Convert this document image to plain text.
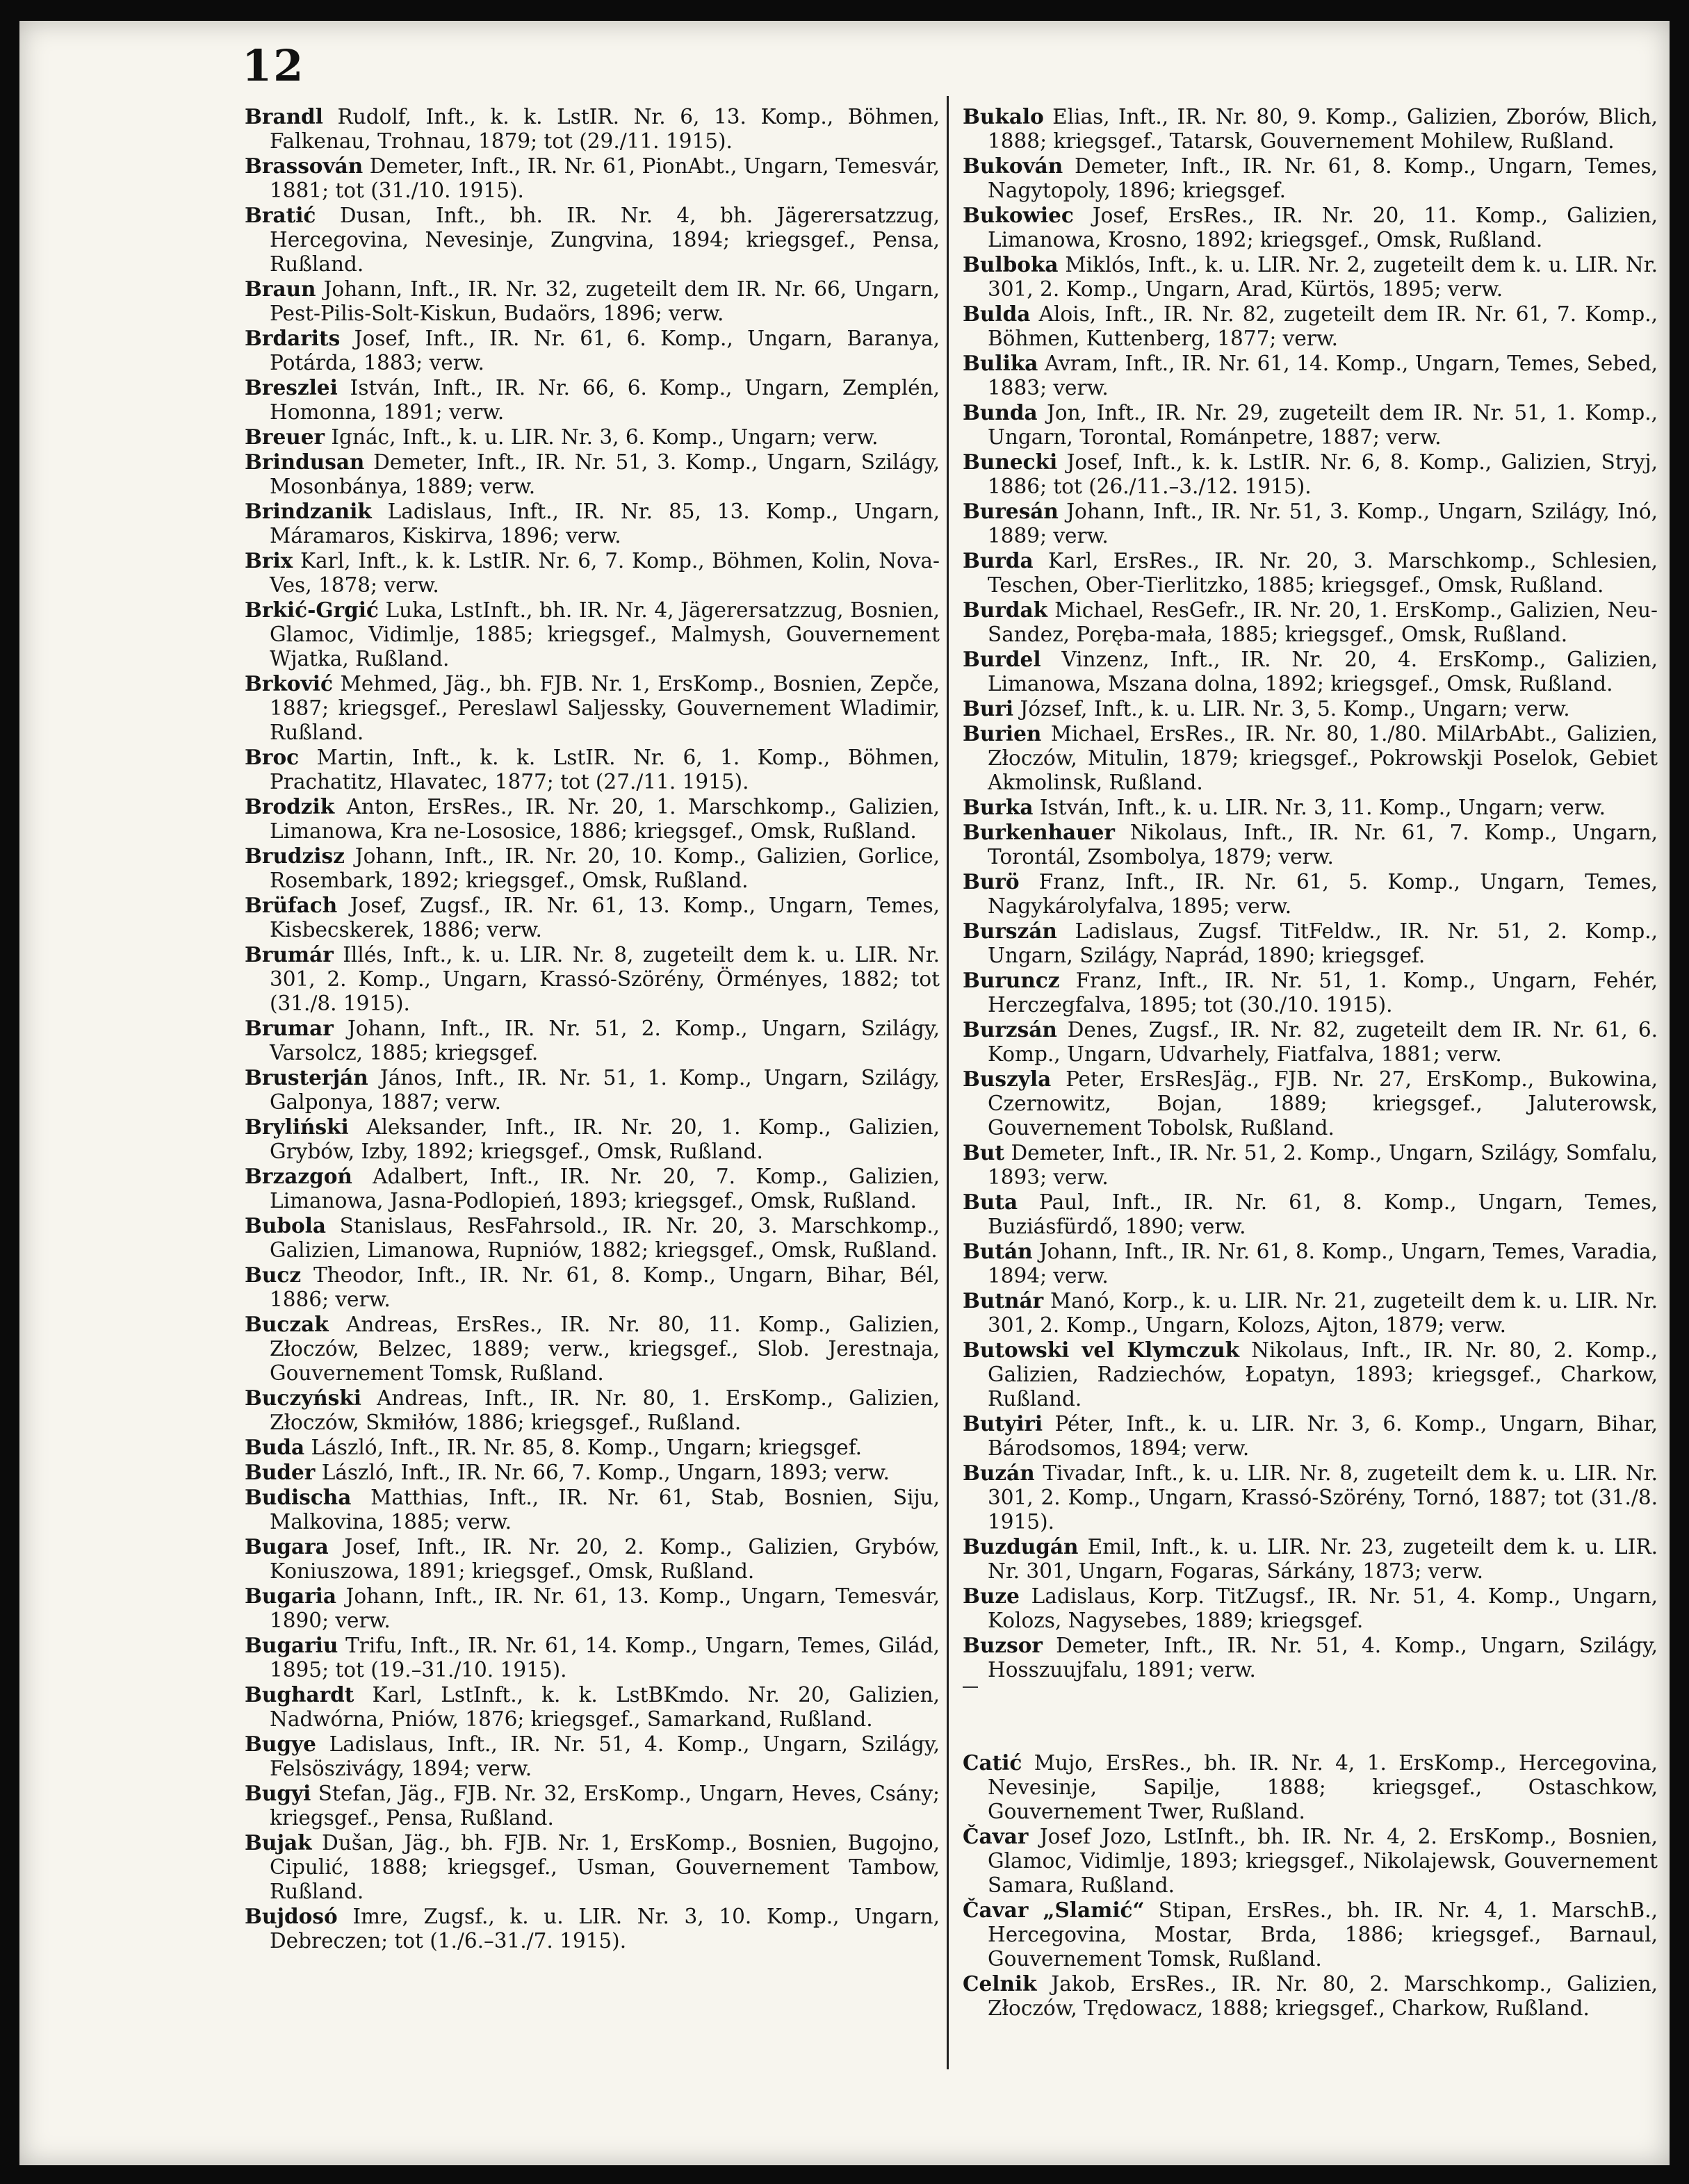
12

Brandl Rudolf, Inft., k. k. LstIR. Nr. 6, 13. Komp., Böhmen, Falkenau, Trohnau, 1879; tot (29./11. 1915).

Brassován Demeter, Inft., IR. Nr. 61, PionAbt., Ungarn, Temesvár, 1881; tot (31./10. 1915).

Bratić Dusan, Inft., bh. IR. Nr. 4, bh. Jägerersatzzug, Hercegovina, Nevesinje, Zungvina, 1894; kriegsgef., Pensa, Rußland.

Braun Johann, Inft., IR. Nr. 32, zugeteilt dem IR. Nr. 66, Ungarn, Pest-Pilis-Solt-Kiskun, Budaörs, 1896; verw.

Brdarits Josef, Inft., IR. Nr. 61, 6. Komp., Ungarn, Baranya, Potárda, 1883; verw.

Breszlei István, Inft., IR. Nr. 66, 6. Komp., Ungarn, Zemplén, Homonna, 1891; verw.

Breuer Ignác, Inft., k. u. LIR. Nr. 3, 6. Komp., Ungarn; verw.

Brindusan Demeter, Inft., IR. Nr. 51, 3. Komp., Ungarn, Szilágy, Mosonbánya, 1889; verw.

Brindzanik Ladislaus, Inft., IR. Nr. 85, 13. Komp., Ungarn, Máramaros, Kiskirva, 1896; verw.

Brix Karl, Inft., k. k. LstIR. Nr. 6, 7. Komp., Böhmen, Kolin, Nova-Ves, 1878; verw.

Brkić-Grgić Luka, LstInft., bh. IR. Nr. 4, Jägerersatzzug, Bosnien, Glamoc, Vidimlje, 1885; kriegsgef., Malmysh, Gouvernement Wjatka, Rußland.

Brković Mehmed, Jäg., bh. FJB. Nr. 1, ErsKomp., Bosnien, Zepče, 1887; kriegsgef., Pereslawl Saljessky, Gouvernement Wladimir, Rußland.

Broc Martin, Inft., k. k. LstIR. Nr. 6, 1. Komp., Böhmen, Prachatitz, Hlavatec, 1877; tot (27./11. 1915).

Brodzik Anton, ErsRes., IR. Nr. 20, 1. Marschkomp., Galizien, Limanowa, Kra ne-Lososice, 1886; kriegsgef., Omsk, Rußland.

Brudzisz Johann, Inft., IR. Nr. 20, 10. Komp., Galizien, Gorlice, Rosembark, 1892; kriegsgef., Omsk, Rußland.

Brüfach Josef, Zugsf., IR. Nr. 61, 13. Komp., Ungarn, Temes, Kisbecskerek, 1886; verw.

Brumár Illés, Inft., k. u. LIR. Nr. 8, zugeteilt dem k. u. LIR. Nr. 301, 2. Komp., Ungarn, Krassó-Szörény, Örményes, 1882; tot (31./8. 1915).

Brumar Johann, Inft., IR. Nr. 51, 2. Komp., Ungarn, Szilágy, Varsolcz, 1885; kriegsgef.

Brusterján János, Inft., IR. Nr. 51, 1. Komp., Ungarn, Szilágy, Galponya, 1887; verw.

Bryliński Aleksander, Inft., IR. Nr. 20, 1. Komp., Galizien, Grybów, Izby, 1892; kriegsgef., Omsk, Rußland.

Brzazgoń Adalbert, Inft., IR. Nr. 20, 7. Komp., Galizien, Limanowa, Jasna-Podlopień, 1893; kriegsgef., Omsk, Rußland.

Bubola Stanislaus, ResFahrsold., IR. Nr. 20, 3. Marschkomp., Galizien, Limanowa, Rupniów, 1882; kriegsgef., Omsk, Rußland.

Bucz Theodor, Inft., IR. Nr. 61, 8. Komp., Ungarn, Bihar, Bél, 1886; verw.

Buczak Andreas, ErsRes., IR. Nr. 80, 11. Komp., Galizien, Złoczów, Belzec, 1889; verw., kriegsgef., Slob. Jerestnaja, Gouvernement Tomsk, Rußland.

Buczyński Andreas, Inft., IR. Nr. 80, 1. ErsKomp., Galizien, Złoczów, Skmiłów, 1886; kriegsgef., Rußland.

Buda László, Inft., IR. Nr. 85, 8. Komp., Ungarn; kriegsgef.

Buder László, Inft., IR. Nr. 66, 7. Komp., Ungarn, 1893; verw.

Budischa Matthias, Inft., IR. Nr. 61, Stab, Bosnien, Siju, Malkovina, 1885; verw.

Bugara Josef, Inft., IR. Nr. 20, 2. Komp., Galizien, Grybów, Koniuszowa, 1891; kriegsgef., Omsk, Rußland.

Bugaria Johann, Inft., IR. Nr. 61, 13. Komp., Ungarn, Temesvár, 1890; verw.

Bugariu Trifu, Inft., IR. Nr. 61, 14. Komp., Ungarn, Temes, Gilád, 1895; tot (19.–31./10. 1915).

Bughardt Karl, LstInft., k. k. LstBKmdo. Nr. 20, Galizien, Nadwórna, Pniów, 1876; kriegsgef., Samarkand, Rußland.

Bugye Ladislaus, Inft., IR. Nr. 51, 4. Komp., Ungarn, Szilágy, Felsöszivágy, 1894; verw.

Bugyi Stefan, Jäg., FJB. Nr. 32, ErsKomp., Ungarn, Heves, Csány; kriegsgef., Pensa, Rußland.

Bujak Dušan, Jäg., bh. FJB. Nr. 1, ErsKomp., Bosnien, Bugojno, Cipulić, 1888; kriegsgef., Usman, Gouvernement Tambow, Rußland.

Bujdosó Imre, Zugsf., k. u. LIR. Nr. 3, 10. Komp., Ungarn, Debreczen; tot (1./6.–31./7. 1915).

Bukalo Elias, Inft., IR. Nr. 80, 9. Komp., Galizien, Zborów, Blich, 1888; kriegsgef., Tatarsk, Gouvernement Mohilew, Rußland.

Bukován Demeter, Inft., IR. Nr. 61, 8. Komp., Ungarn, Temes, Nagytopoly, 1896; kriegsgef.

Bukowiec Josef, ErsRes., IR. Nr. 20, 11. Komp., Galizien, Limanowa, Krosno, 1892; kriegsgef., Omsk, Rußland.

Bulboka Miklós, Inft., k. u. LIR. Nr. 2, zugeteilt dem k. u. LIR. Nr. 301, 2. Komp., Ungarn, Arad, Kürtös, 1895; verw.

Bulda Alois, Inft., IR. Nr. 82, zugeteilt dem IR. Nr. 61, 7. Komp., Böhmen, Kuttenberg, 1877; verw.

Bulika Avram, Inft., IR. Nr. 61, 14. Komp., Ungarn, Temes, Sebed, 1883; verw.

Bunda Jon, Inft., IR. Nr. 29, zugeteilt dem IR. Nr. 51, 1. Komp., Ungarn, Torontal, Románpetre, 1887; verw.

Bunecki Josef, Inft., k. k. LstIR. Nr. 6, 8. Komp., Galizien, Stryj, 1886; tot (26./11.–3./12. 1915).

Buresán Johann, Inft., IR. Nr. 51, 3. Komp., Ungarn, Szilágy, Inó, 1889; verw.

Burda Karl, ErsRes., IR. Nr. 20, 3. Marschkomp., Schlesien, Teschen, Ober-Tierlitzko, 1885; kriegsgef., Omsk, Rußland.

Burdak Michael, ResGefr., IR. Nr. 20, 1. ErsKomp., Galizien, Neu-Sandez, Poręba-mała, 1885; kriegsgef., Omsk, Rußland.

Burdel Vinzenz, Inft., IR. Nr. 20, 4. ErsKomp., Galizien, Limanowa, Mszana dolna, 1892; kriegsgef., Omsk, Rußland.

Buri József, Inft., k. u. LIR. Nr. 3, 5. Komp., Ungarn; verw.

Burien Michael, ErsRes., IR. Nr. 80, 1./80. MilArbAbt., Galizien, Złoczów, Mitulin, 1879; kriegsgef., Pokrowskji Poselok, Gebiet Akmolinsk, Rußland.

Burka István, Inft., k. u. LIR. Nr. 3, 11. Komp., Ungarn; verw.

Burkenhauer Nikolaus, Inft., IR. Nr. 61, 7. Komp., Ungarn, Torontál, Zsombolya, 1879; verw.

Burö Franz, Inft., IR. Nr. 61, 5. Komp., Ungarn, Temes, Nagykárolyfalva, 1895; verw.

Burszán Ladislaus, Zugsf. TitFeldw., IR. Nr. 51, 2. Komp., Ungarn, Szilágy, Naprád, 1890; kriegsgef.

Buruncz Franz, Inft., IR. Nr. 51, 1. Komp., Ungarn, Fehér, Herczegfalva, 1895; tot (30./10. 1915).

Burzsán Denes, Zugsf., IR. Nr. 82, zugeteilt dem IR. Nr. 61, 6. Komp., Ungarn, Udvarhely, Fiatfalva, 1881; verw.

Buszyla Peter, ErsResJäg., FJB. Nr. 27, ErsKomp., Bukowina, Czernowitz, Bojan, 1889; kriegsgef., Jaluterowsk, Gouvernement Tobolsk, Rußland.

But Demeter, Inft., IR. Nr. 51, 2. Komp., Ungarn, Szilágy, Somfalu, 1893; verw.

Buta Paul, Inft., IR. Nr. 61, 8. Komp., Ungarn, Temes, Buziásfürdő, 1890; verw.

Bután Johann, Inft., IR. Nr. 61, 8. Komp., Ungarn, Temes, Varadia, 1894; verw.

Butnár Manó, Korp., k. u. LIR. Nr. 21, zugeteilt dem k. u. LIR. Nr. 301, 2. Komp., Ungarn, Kolozs, Ajton, 1879; verw.

Butowski vel Klymczuk Nikolaus, Inft., IR. Nr. 80, 2. Komp., Galizien, Radziechów, Łopatyn, 1893; kriegsgef., Charkow, Rußland.

Butyiri Péter, Inft., k. u. LIR. Nr. 3, 6. Komp., Ungarn, Bihar, Bárodsomos, 1894; verw.

Buzán Tivadar, Inft., k. u. LIR. Nr. 8, zugeteilt dem k. u. LIR. Nr. 301, 2. Komp., Ungarn, Krassó-Szörény, Tornó, 1887; tot (31./8. 1915).

Buzdugán Emil, Inft., k. u. LIR. Nr. 23, zugeteilt dem k. u. LIR. Nr. 301, Ungarn, Fogaras, Sárkány, 1873; verw.

Buze Ladislaus, Korp. TitZugsf., IR. Nr. 51, 4. Komp., Ungarn, Kolozs, Nagysebes, 1889; kriegsgef.

Buzsor Demeter, Inft., IR. Nr. 51, 4. Komp., Ungarn, Szilágy, Hosszuujfalu, 1891; verw.

Catić Mujo, ErsRes., bh. IR. Nr. 4, 1. ErsKomp., Hercegovina, Nevesinje, Sapilje, 1888; kriegsgef., Ostaschkow, Gouvernement Twer, Rußland.

Čavar Josef Jozo, LstInft., bh. IR. Nr. 4, 2. ErsKomp., Bosnien, Glamoc, Vidimlje, 1893; kriegsgef., Nikolajewsk, Gouvernement Samara, Rußland.

Čavar „Slamić“ Stipan, ErsRes., bh. IR. Nr. 4, 1. MarschB., Hercegovina, Mostar, Brda, 1886; kriegsgef., Barnaul, Gouvernement Tomsk, Rußland.

Celnik Jakob, ErsRes., IR. Nr. 80, 2. Marschkomp., Galizien, Złoczów, Trędowacz, 1888; kriegsgef., Charkow, Rußland.
